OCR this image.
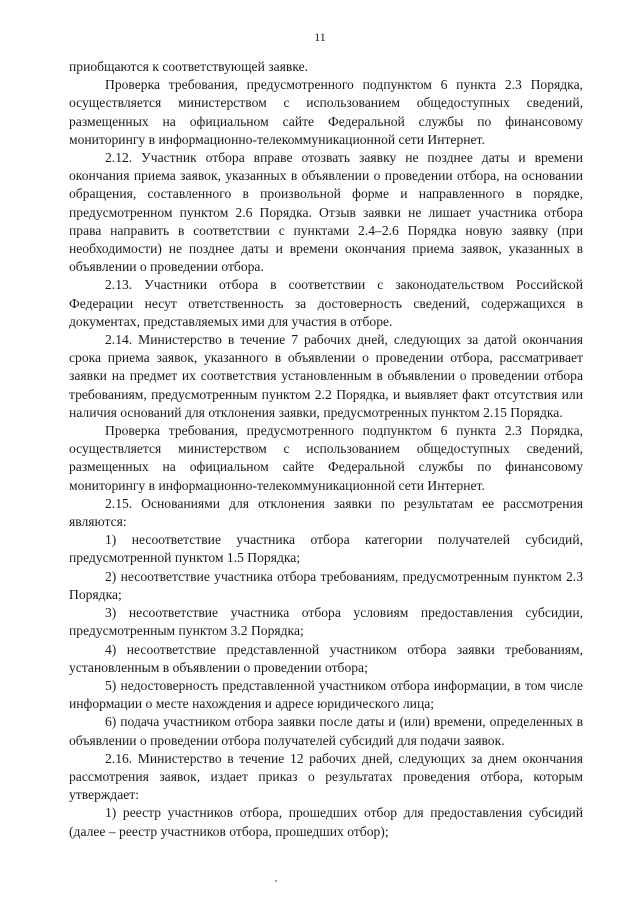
11

приобщаются к соответствующей заявке.

Проверка требования, предусмотренного подпунктом 6 пункта 2.3 Порядка, осуществляется министерством с использованием общедоступных сведений, размещенных на официальном сайте Федеральной службы по финансовому мониторингу в информационно-телекоммуникационной сети Интернет.

2.12. Участник отбора вправе отозвать заявку не позднее даты и времени окончания приема заявок, указанных в объявлении о проведении отбора, на основании обращения, составленного в произвольной форме и направленного в порядке, предусмотренном пунктом 2.6 Порядка. Отзыв заявки не лишает участника отбора права направить в соответствии с пунктами 2.4–2.6 Порядка новую заявку (при необходимости) не позднее даты и времени окончания приема заявок, указанных в объявлении о проведении отбора.

2.13. Участники отбора в соответствии с законодательством Российской Федерации несут ответственность за достоверность сведений, содержащихся в документах, представляемых ими для участия в отборе.

2.14. Министерство в течение 7 рабочих дней, следующих за датой окончания срока приема заявок, указанного в объявлении о проведении отбора, рассматривает заявки на предмет их соответствия установленным в объявлении о проведении отбора требованиям, предусмотренным пунктом 2.2 Порядка, и выявляет факт отсутствия или наличия оснований для отклонения заявки, предусмотренных пунктом 2.15 Порядка.

Проверка требования, предусмотренного подпунктом 6 пункта 2.3 Порядка, осуществляется министерством с использованием общедоступных сведений, размещенных на официальном сайте Федеральной службы по финансовому мониторингу в информационно-телекоммуникационной сети Интернет.

2.15. Основаниями для отклонения заявки по результатам ее рассмотрения являются:

1) несоответствие участника отбора категории получателей субсидий, предусмотренной пунктом 1.5 Порядка;

2) несоответствие участника отбора требованиям, предусмотренным пунктом 2.3 Порядка;

3) несоответствие участника отбора условиям предоставления субсидии, предусмотренным пунктом 3.2 Порядка;

4) несоответствие представленной участником отбора заявки требованиям, установленным в объявлении о проведении отбора;

5) недостоверность представленной участником отбора информации, в том числе информации о месте нахождения и адресе юридического лица;

6) подача участником отбора заявки после даты и (или) времени, определенных в объявлении о проведении отбора получателей субсидий для подачи заявок.

2.16. Министерство в течение 12 рабочих дней, следующих за днем окончания рассмотрения заявок, издает приказ о результатах проведения отбора, которым утверждает:

1) реестр участников отбора, прошедших отбор для предоставления субсидий (далее – реестр участников отбора, прошедших отбор);
